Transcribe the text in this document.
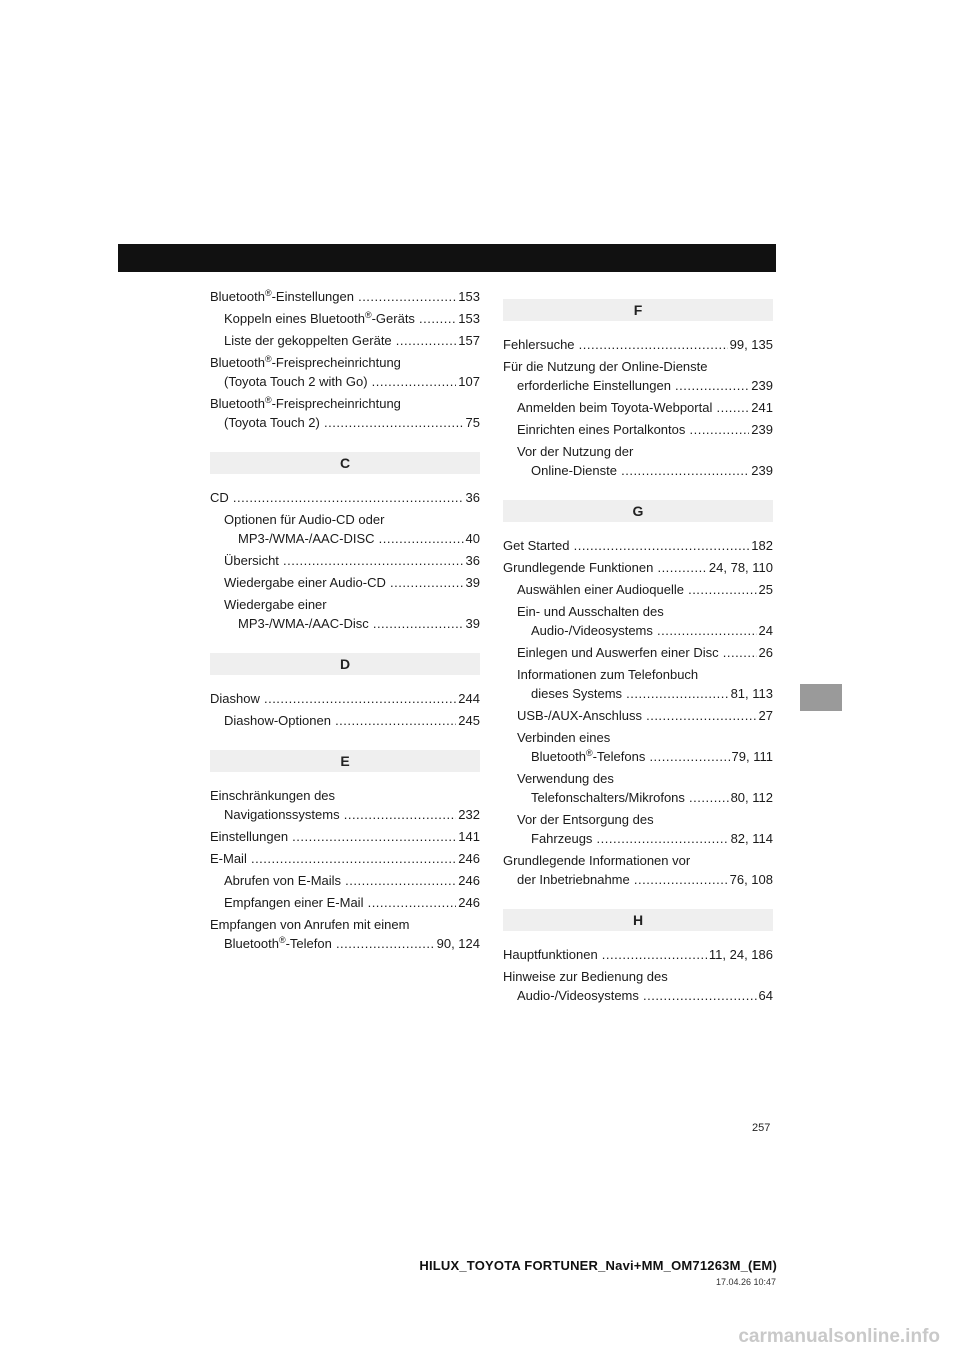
Bluetooth®-Einstellungen	153
.....
Koppeln eines Bluetooth®-Geräts	153
.....
Liste der gekoppelten Geräte	157
.....
Bluetooth®-Freisprecheinrichtung
(Toyota Touch 2 with Go)	107
.....
Bluetooth®-Freisprecheinrichtung
(Toyota Touch 2)	75
.....
C
CD	36
.....
Optionen für Audio-CD oder
MP3-/WMA-/AAC-DISC	40
.....
Übersicht	36
.....
Wiedergabe einer Audio-CD	39
.....
Wiedergabe einer
MP3-/WMA-/AAC-Disc	39
.....
D
Diashow	244
.....
Diashow-Optionen	245
.....
E
Einschränkungen des
Navigationssystems	232
.....
Einstellungen	141
.....
E-Mail	246
.....
Abrufen von E-Mails	246
.....
Empfangen einer E-Mail	246
.....
Empfangen von Anrufen mit einem
Bluetooth®-Telefon	90, 124
.....
F
Fehlersuche	99, 135
.....
Für die Nutzung der Online-Dienste
erforderliche Einstellungen	239
.....
Anmelden beim Toyota-Webportal	241
.....
Einrichten eines Portalkontos	239
.....
Vor der Nutzung der
Online-Dienste	239
.....
G
Get Started	182
.....
Grundlegende Funktionen	24, 78, 110
.....
Auswählen einer Audioquelle	25
.....
Ein- und Ausschalten des
Audio-/Videosystems	24
.....
Einlegen und Auswerfen einer Disc	26
.....
Informationen zum Telefonbuch
dieses Systems	81, 113
.....
USB-/AUX-Anschluss	27
.....
Verbinden eines
Bluetooth®-Telefons	79, 111
.....
Verwendung des
Telefonschalters/Mikrofons	80, 112
.....
Vor der Entsorgung des
Fahrzeugs	82, 114
.....
Grundlegende Informationen vor
der Inbetriebnahme	76, 108
.....
H
Hauptfunktionen	11, 24, 186
.....
Hinweise zur Bedienung des
Audio-/Videosystems	64
.....
257
HILUX_TOYOTA FORTUNER_Navi+MM_OM71263M_(EM)
17.04.26 10:47
carmanualsonline.info
